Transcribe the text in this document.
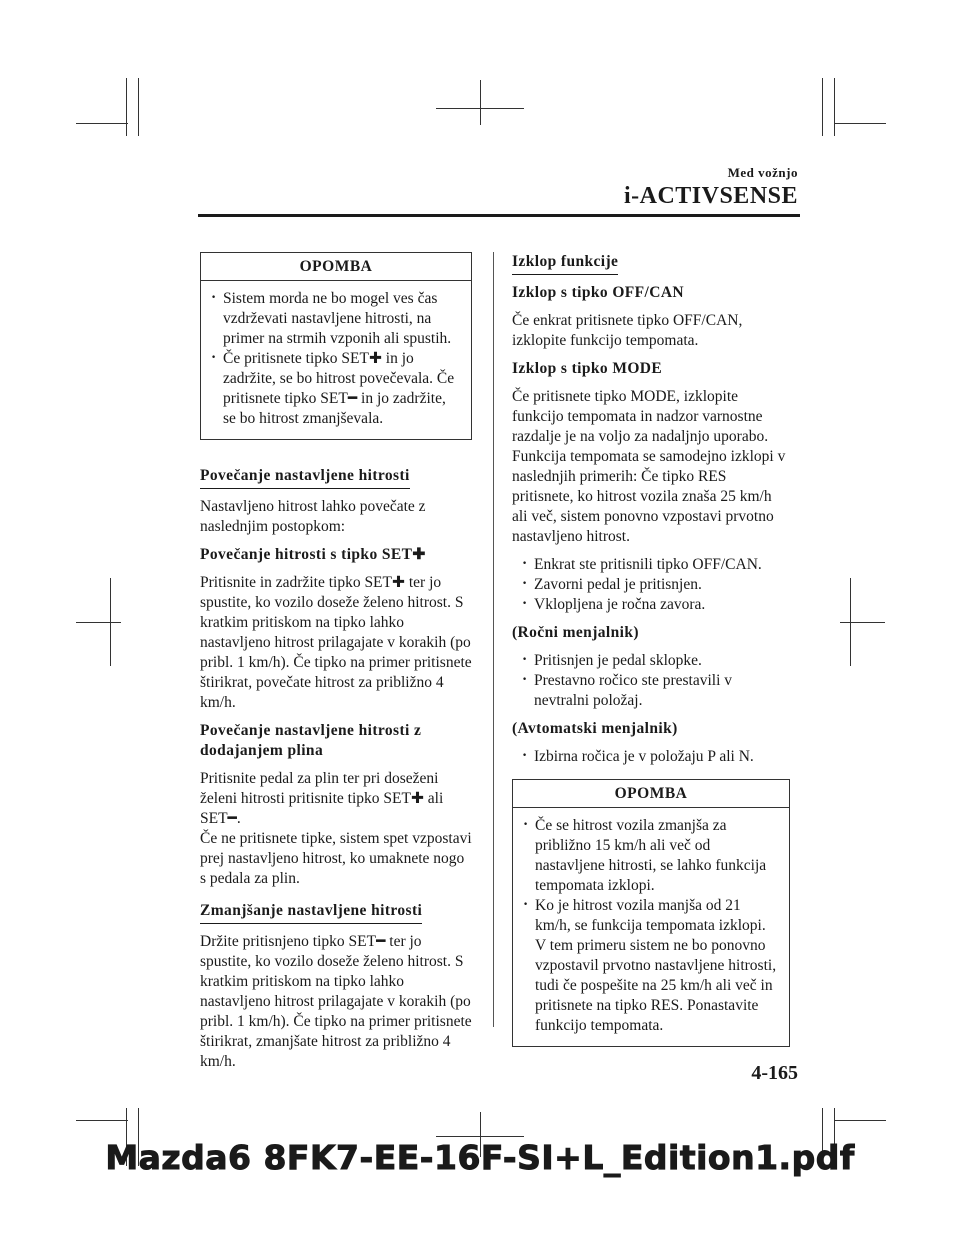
Med vožnjo
i-ACTIVSENSE
OPOMBA

· Sistem morda ne bo mogel ves čas vzdrževati nastavljene hitrosti, na primer na strmih vzponih ali spustih.

· Če pritisnete tipko SET✚ in jo zadržite, se bo hitrost povečevala. Če pritisnete tipko SET━ in jo zadržite, se bo hitrost zmanjševala.

Povečanje nastavljene hitrosti

Nastavljeno hitrost lahko povečate z naslednjim postopkom:

Povečanje hitrosti s tipko SET✚

Pritisnite in zadržite tipko SET✚ ter jo spustite, ko vozilo doseže želeno hitrost. S kratkim pritiskom na tipko lahko nastavljeno hitrost prilagajate v korakih (po pribl. 1 km/h). Če tipko na primer pritisnete štirikrat, povečate hitrost za približno 4 km/h.

Povečanje nastavljene hitrosti z dodajanjem plina

Pritisnite pedal za plin ter pri doseženi želeni hitrosti pritisnite tipko SET✚ ali SET━.

Če ne pritisnete tipke, sistem spet vzpostavi prej nastavljeno hitrost, ko umaknete nogo s pedala za plin.

Zmanjšanje nastavljene hitrosti

Držite pritisnjeno tipko SET━ ter jo spustite, ko vozilo doseže želeno hitrost. S kratkim pritiskom na tipko lahko nastavljeno hitrost prilagajate v korakih (po pribl. 1 km/h). Če tipko na primer pritisnete štirikrat, zmanjšate hitrost za približno 4 km/h.

Izklop funkcije

Izklop s tipko OFF/CAN

Če enkrat pritisnete tipko OFF/CAN, izklopite funkcijo tempomata.

Izklop s tipko MODE

Če pritisnete tipko MODE, izklopite funkcijo tempomata in nadzor varnostne razdalje je na voljo za nadaljnjo uporabo. Funkcija tempomata se samodejno izklopi v naslednjih primerih: Če tipko RES pritisnete, ko hitrost vozila znaša 25 km/h ali več, sistem ponovno vzpostavi prvotno nastavljeno hitrost.

· Enkrat ste pritisnili tipko OFF/CAN.

· Zavorni pedal je pritisnjen.

· Vklopljena je ročna zavora.

(Ročni menjalnik)

· Pritisnjen je pedal sklopke.

· Prestavno ročico ste prestavili v nevtralni položaj.

(Avtomatski menjalnik)

· Izbirna ročica je v položaju P ali N.

OPOMBA

· Če se hitrost vozila zmanjša za približno 15 km/h ali več od nastavljene hitrosti, se lahko funkcija tempomata izklopi.

· Ko je hitrost vozila manjša od 21 km/h, se funkcija tempomata izklopi. V tem primeru sistem ne bo ponovno vzpostavil prvotno nastavljene hitrosti, tudi če pospešite na 25 km/h ali več in pritisnete na tipko RES. Ponastavite funkcijo tempomata.

4-165
Mazda6 8FK7-EE-16F-SI+L_Edition1.pdf
